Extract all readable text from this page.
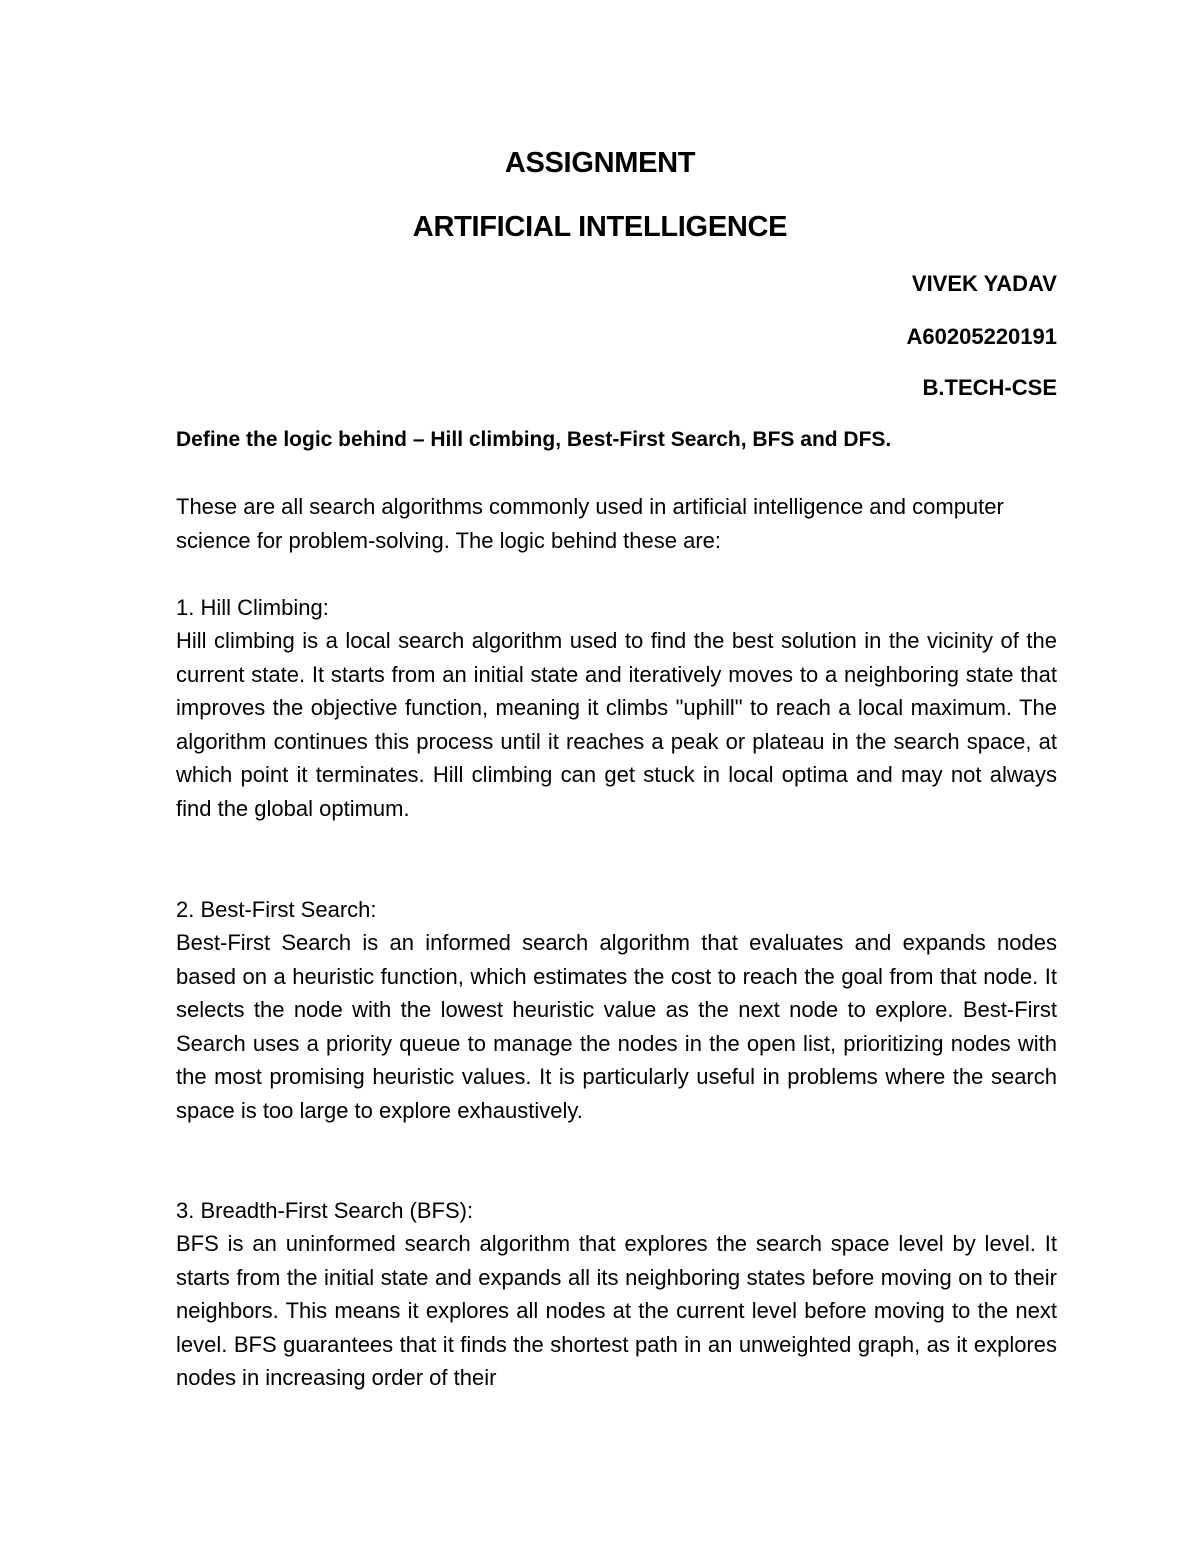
ASSIGNMENT
ARTIFICIAL INTELLIGENCE
VIVEK YADAV
A60205220191
B.TECH-CSE
Define the logic behind – Hill climbing, Best-First Search, BFS and DFS.
These are all search algorithms commonly used in artificial intelligence and computer science for problem-solving. The logic behind these are:
1. Hill Climbing:
Hill climbing is a local search algorithm used to find the best solution in the vicinity of the current state. It starts from an initial state and iteratively moves to a neighboring state that improves the objective function, meaning it climbs "uphill" to reach a local maximum. The algorithm continues this process until it reaches a peak or plateau in the search space, at which point it terminates. Hill climbing can get stuck in local optima and may not always find the global optimum.
2. Best-First Search:
Best-First Search is an informed search algorithm that evaluates and expands nodes based on a heuristic function, which estimates the cost to reach the goal from that node. It selects the node with the lowest heuristic value as the next node to explore. Best-First Search uses a priority queue to manage the nodes in the open list, prioritizing nodes with the most promising heuristic values. It is particularly useful in problems where the search space is too large to explore exhaustively.
3. Breadth-First Search (BFS):
BFS is an uninformed search algorithm that explores the search space level by level. It starts from the initial state and expands all its neighboring states before moving on to their neighbors. This means it explores all nodes at the current level before moving to the next level. BFS guarantees that it finds the shortest path in an unweighted graph, as it explores nodes in increasing order of their
